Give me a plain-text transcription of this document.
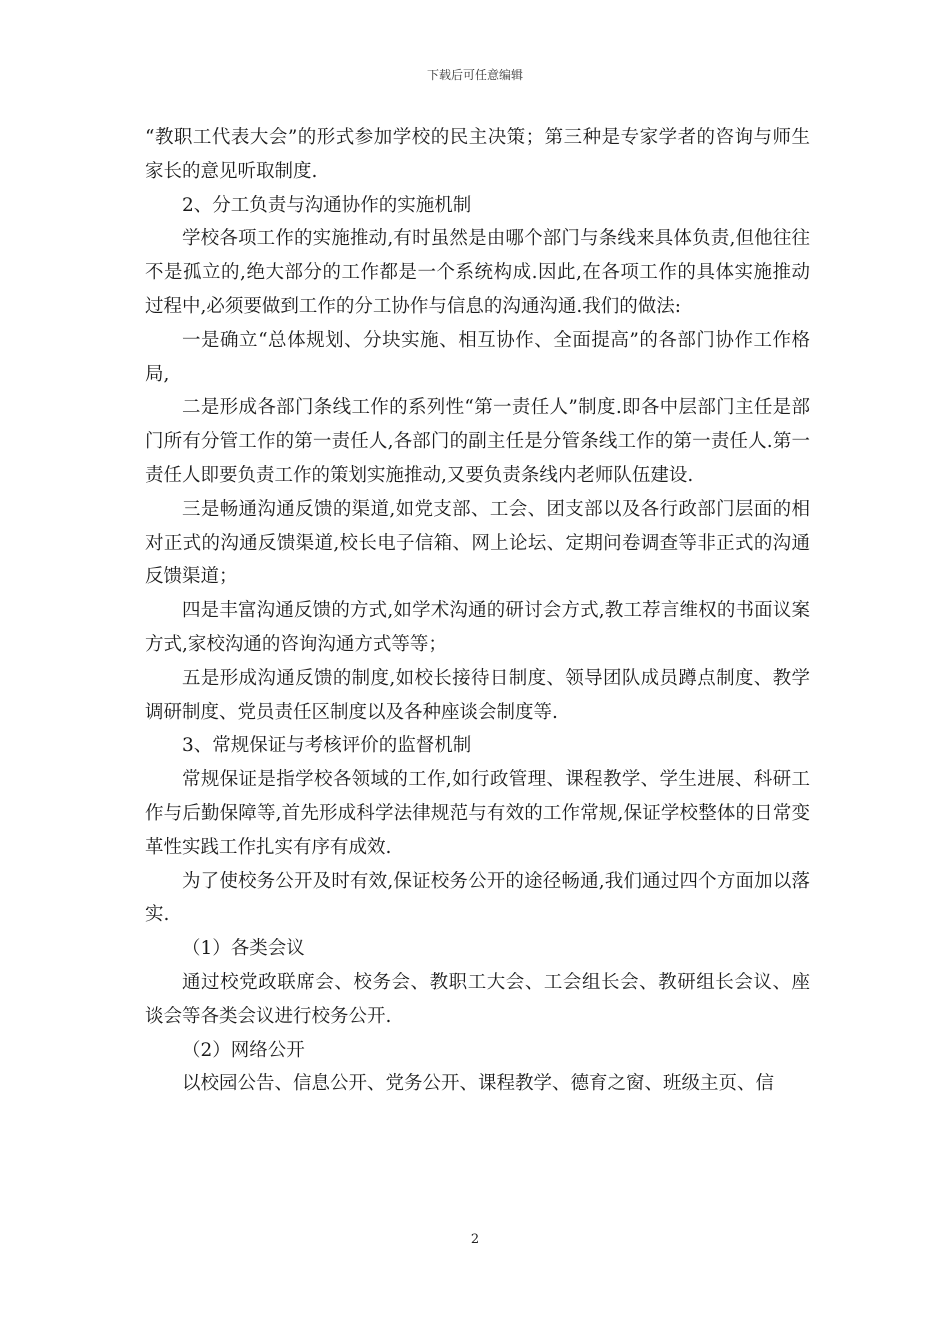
下载后可任意编辑

“教职工代表大会”的形式参加学校的民主决策；第三种是专家学者的咨询与师生家长的意见听取制度.

2、分工负责与沟通协作的实施机制

学校各项工作的实施推动,有时虽然是由哪个部门与条线来具体负责,但他往往不是孤立的,绝大部分的工作都是一个系统构成.因此,在各项工作的具体实施推动过程中,必须要做到工作的分工协作与信息的沟通沟通.我们的做法:

一是确立“总体规划、分块实施、相互协作、全面提高”的各部门协作工作格局,

二是形成各部门条线工作的系列性“第一责任人”制度.即各中层部门主任是部门所有分管工作的第一责任人,各部门的副主任是分管条线工作的第一责任人.第一责任人即要负责工作的策划实施推动,又要负责条线内老师队伍建设.

三是畅通沟通反馈的渠道,如党支部、工会、团支部以及各行政部门层面的相对正式的沟通反馈渠道,校长电子信箱、网上论坛、定期问卷调查等非正式的沟通反馈渠道；

四是丰富沟通反馈的方式,如学术沟通的研讨会方式,教工荐言维权的书面议案方式,家校沟通的咨询沟通方式等等；

五是形成沟通反馈的制度,如校长接待日制度、领导团队成员蹲点制度、教学调研制度、党员责任区制度以及各种座谈会制度等.

3、常规保证与考核评价的监督机制

常规保证是指学校各领域的工作,如行政管理、课程教学、学生进展、科研工作与后勤保障等,首先形成科学法律规范与有效的工作常规,保证学校整体的日常变革性实践工作扎实有序有成效.

为了使校务公开及时有效,保证校务公开的途径畅通,我们通过四个方面加以落实.

（1）各类会议

通过校党政联席会、校务会、教职工大会、工会组长会、教研组长会议、座谈会等各类会议进行校务公开.

（2）网络公开

以校园公告、信息公开、党务公开、课程教学、德育之窗、班级主页、信

2
